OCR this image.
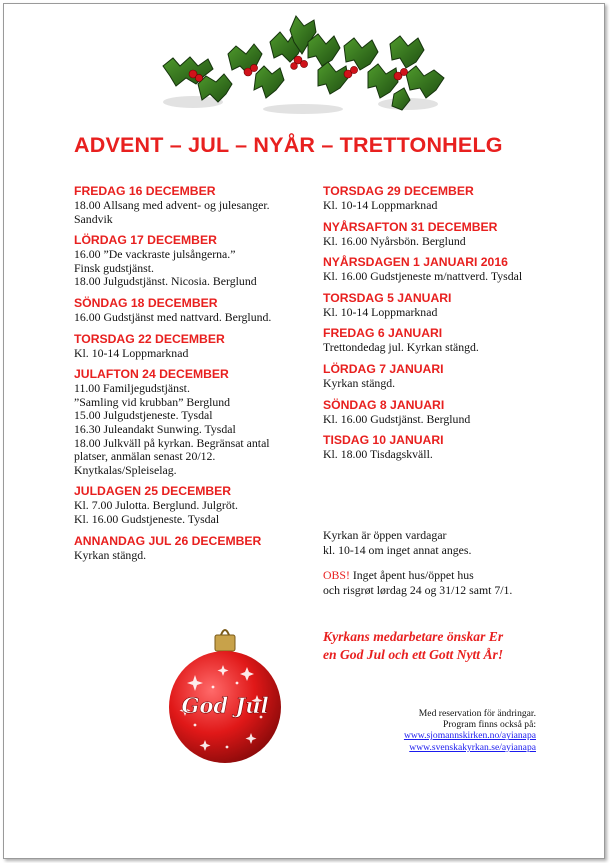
ADVENT – JUL – NYÅR – TRETTONHELG
FREDAG 16 DECEMBER
18.00 Allsang med advent- og julesanger.
Sandvik
LÖRDAG 17 DECEMBER
16.00 ”De vackraste julsångerna.”
Finsk gudstjänst.
18.00 Julgudstjänst. Nicosia. Berglund
SÖNDAG 18 DECEMBER
16.00 Gudstjänst med nattvard. Berglund.
TORSDAG 22 DECEMBER
Kl. 10-14 Loppmarknad
JULAFTON 24 DECEMBER
11.00 Familjegudstjänst.
”Samling vid krubban” Berglund
15.00 Julgudstjeneste. Tysdal
16.30 Juleandakt Sunwing. Tysdal
18.00 Julkväll på kyrkan. Begränsat antal
platser, anmälan senast 20/12.
Knytkalas/Spleiselag.
JULDAGEN 25 DECEMBER
Kl. 7.00 Julotta. Berglund. Julgröt.
Kl. 16.00 Gudstjeneste. Tysdal
ANNANDAG JUL 26 DECEMBER
Kyrkan stängd.
TORSDAG 29 DECEMBER
Kl. 10-14 Loppmarknad
NYÅRSAFTON 31 DECEMBER
Kl. 16.00 Nyårsbön. Berglund
NYÅRSDAGEN 1 JANUARI 2016
Kl. 16.00 Gudstjeneste m/nattverd. Tysdal
TORSDAG 5 JANUARI
Kl. 10-14 Loppmarknad
FREDAG 6 JANUARI
Trettondedag jul. Kyrkan stängd.
LÖRDAG 7 JANUARI
Kyrkan stängd.
SÖNDAG 8 JANUARI
Kl. 16.00 Gudstjänst. Berglund
TISDAG 10 JANUARI
Kl. 18.00 Tisdagskväll.
Kyrkan är öppen vardagar
kl. 10-14 om inget annat anges.
OBS! Inget åpent hus/öppet hus
och risgrøt lørdag 24 og 31/12 samt 7/1.
Kyrkans medarbetare önskar Er
en God Jul och ett Gott Nytt År!
God Jul	Med reservation för ändringar.
Program finns också på:
www.sjomannskirken.no/ayianapa
www.svenskakyrkan.se/ayianapa
